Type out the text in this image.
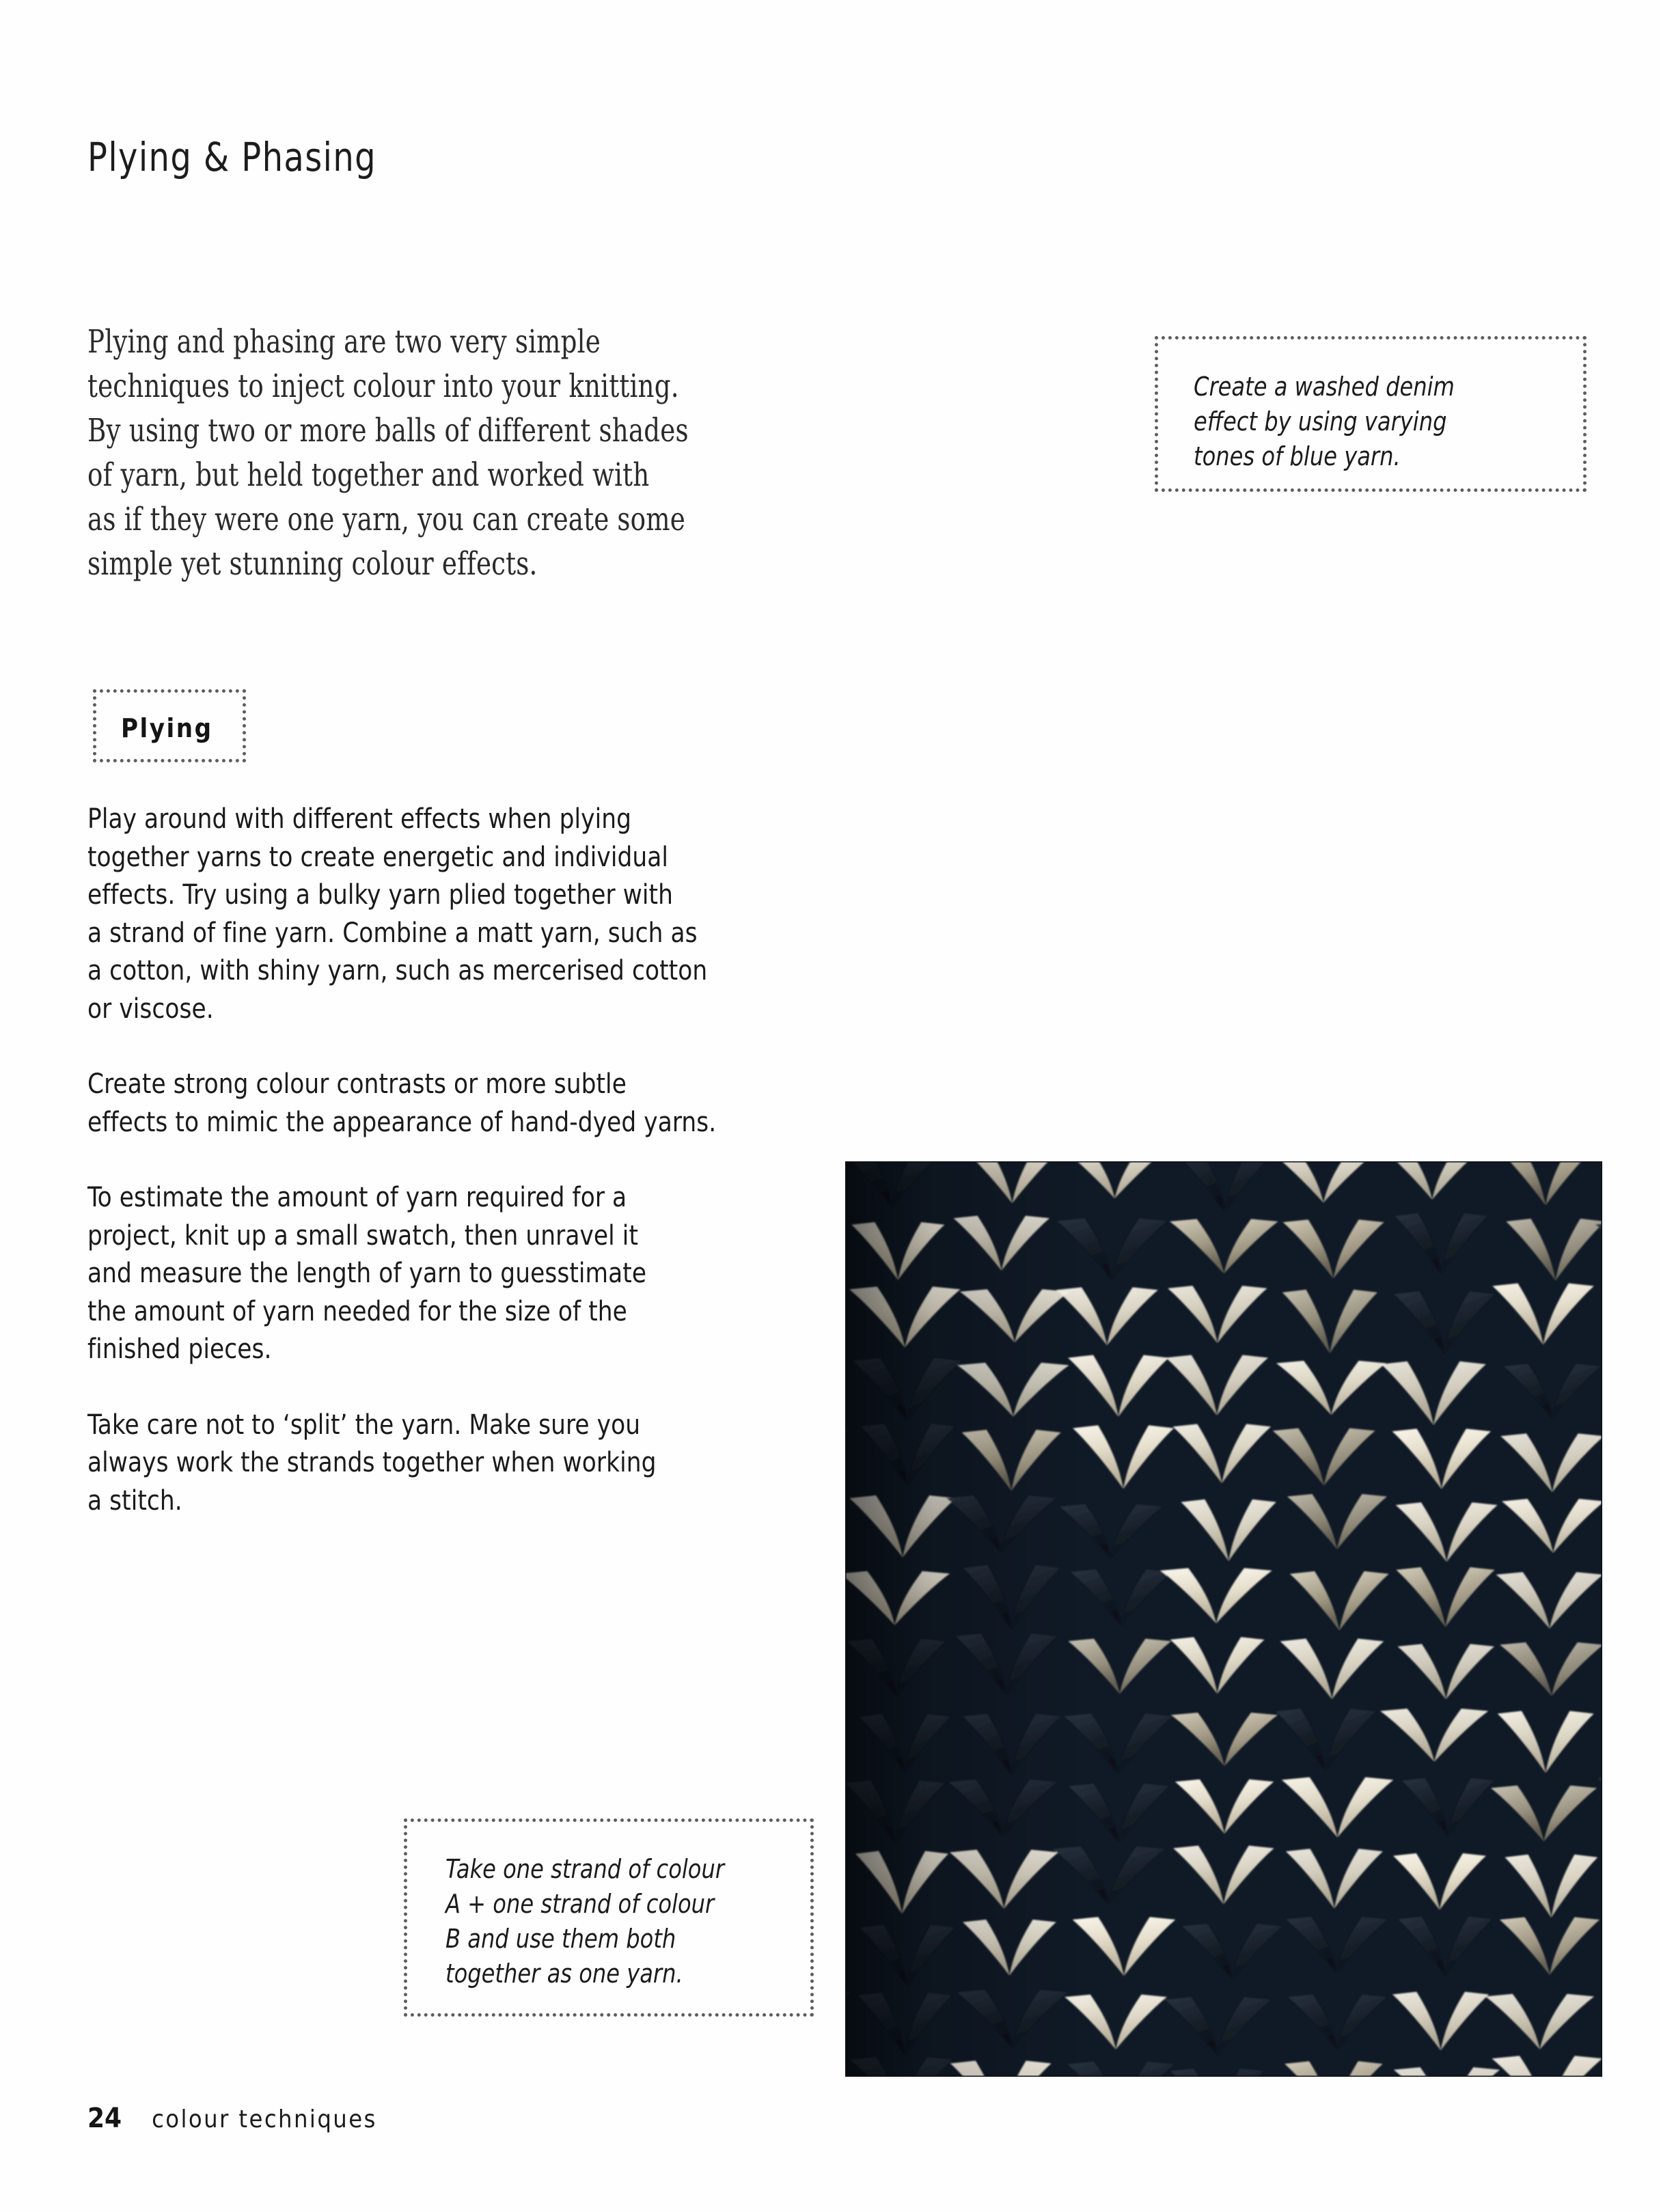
Plying & Phasing
Plying and phasing are two very simple
techniques to inject colour into your knitting.
By using two or more balls of different shades
of yarn, but held together and worked with
as if they were one yarn, you can create some
simple yet stunning colour effects.
Create a washed denim
effect by using varying
tones of blue yarn.
Plying

Play around with different effects when plying
together yarns to create energetic and individual
effects. Try using a bulky yarn plied together with
a strand of fine yarn. Combine a matt yarn, such as
a cotton, with shiny yarn, such as mercerised cotton
or viscose.

Create strong colour contrasts or more subtle
effects to mimic the appearance of hand-dyed yarns.

To estimate the amount of yarn required for a
project, knit up a small swatch, then unravel it
and measure the length of yarn to guesstimate
the amount of yarn needed for the size of the
finished pieces.

Take care not to ‘split’ the yarn. Make sure you
always work the strands together when working
a stitch.

Take one strand of colour
A + one strand of colour
B and use them both
together as one yarn.
24 colour techniques
